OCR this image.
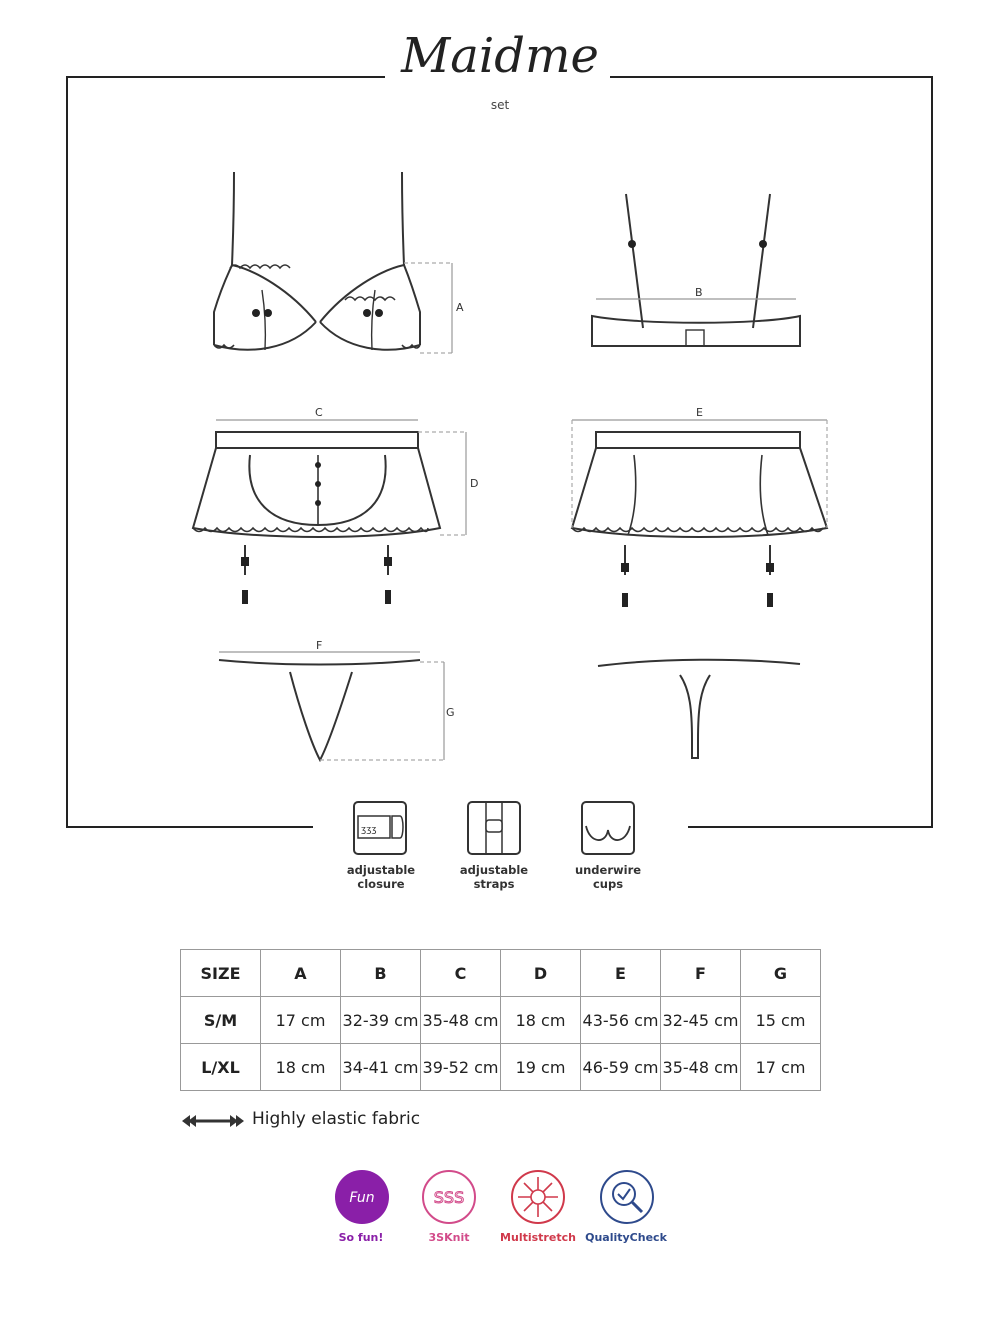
Maidme
set
A
B
C
D
E
F
G
ʒʒʒ
adjustable
closure
adjustable
straps
underwire
cups
SIZE	A	B	C	D	E	F	G
S/M	17 cm	32-39 cm	35-48 cm	18 cm	43-56 cm	32-45 cm	15 cm
L/XL	18 cm	34-41 cm	39-52 cm	19 cm	46-59 cm	35-48 cm	17 cm
Highly elastic fabric
Fun	SSS
So fun!	3SKnit	Multistretch QualityCheck
